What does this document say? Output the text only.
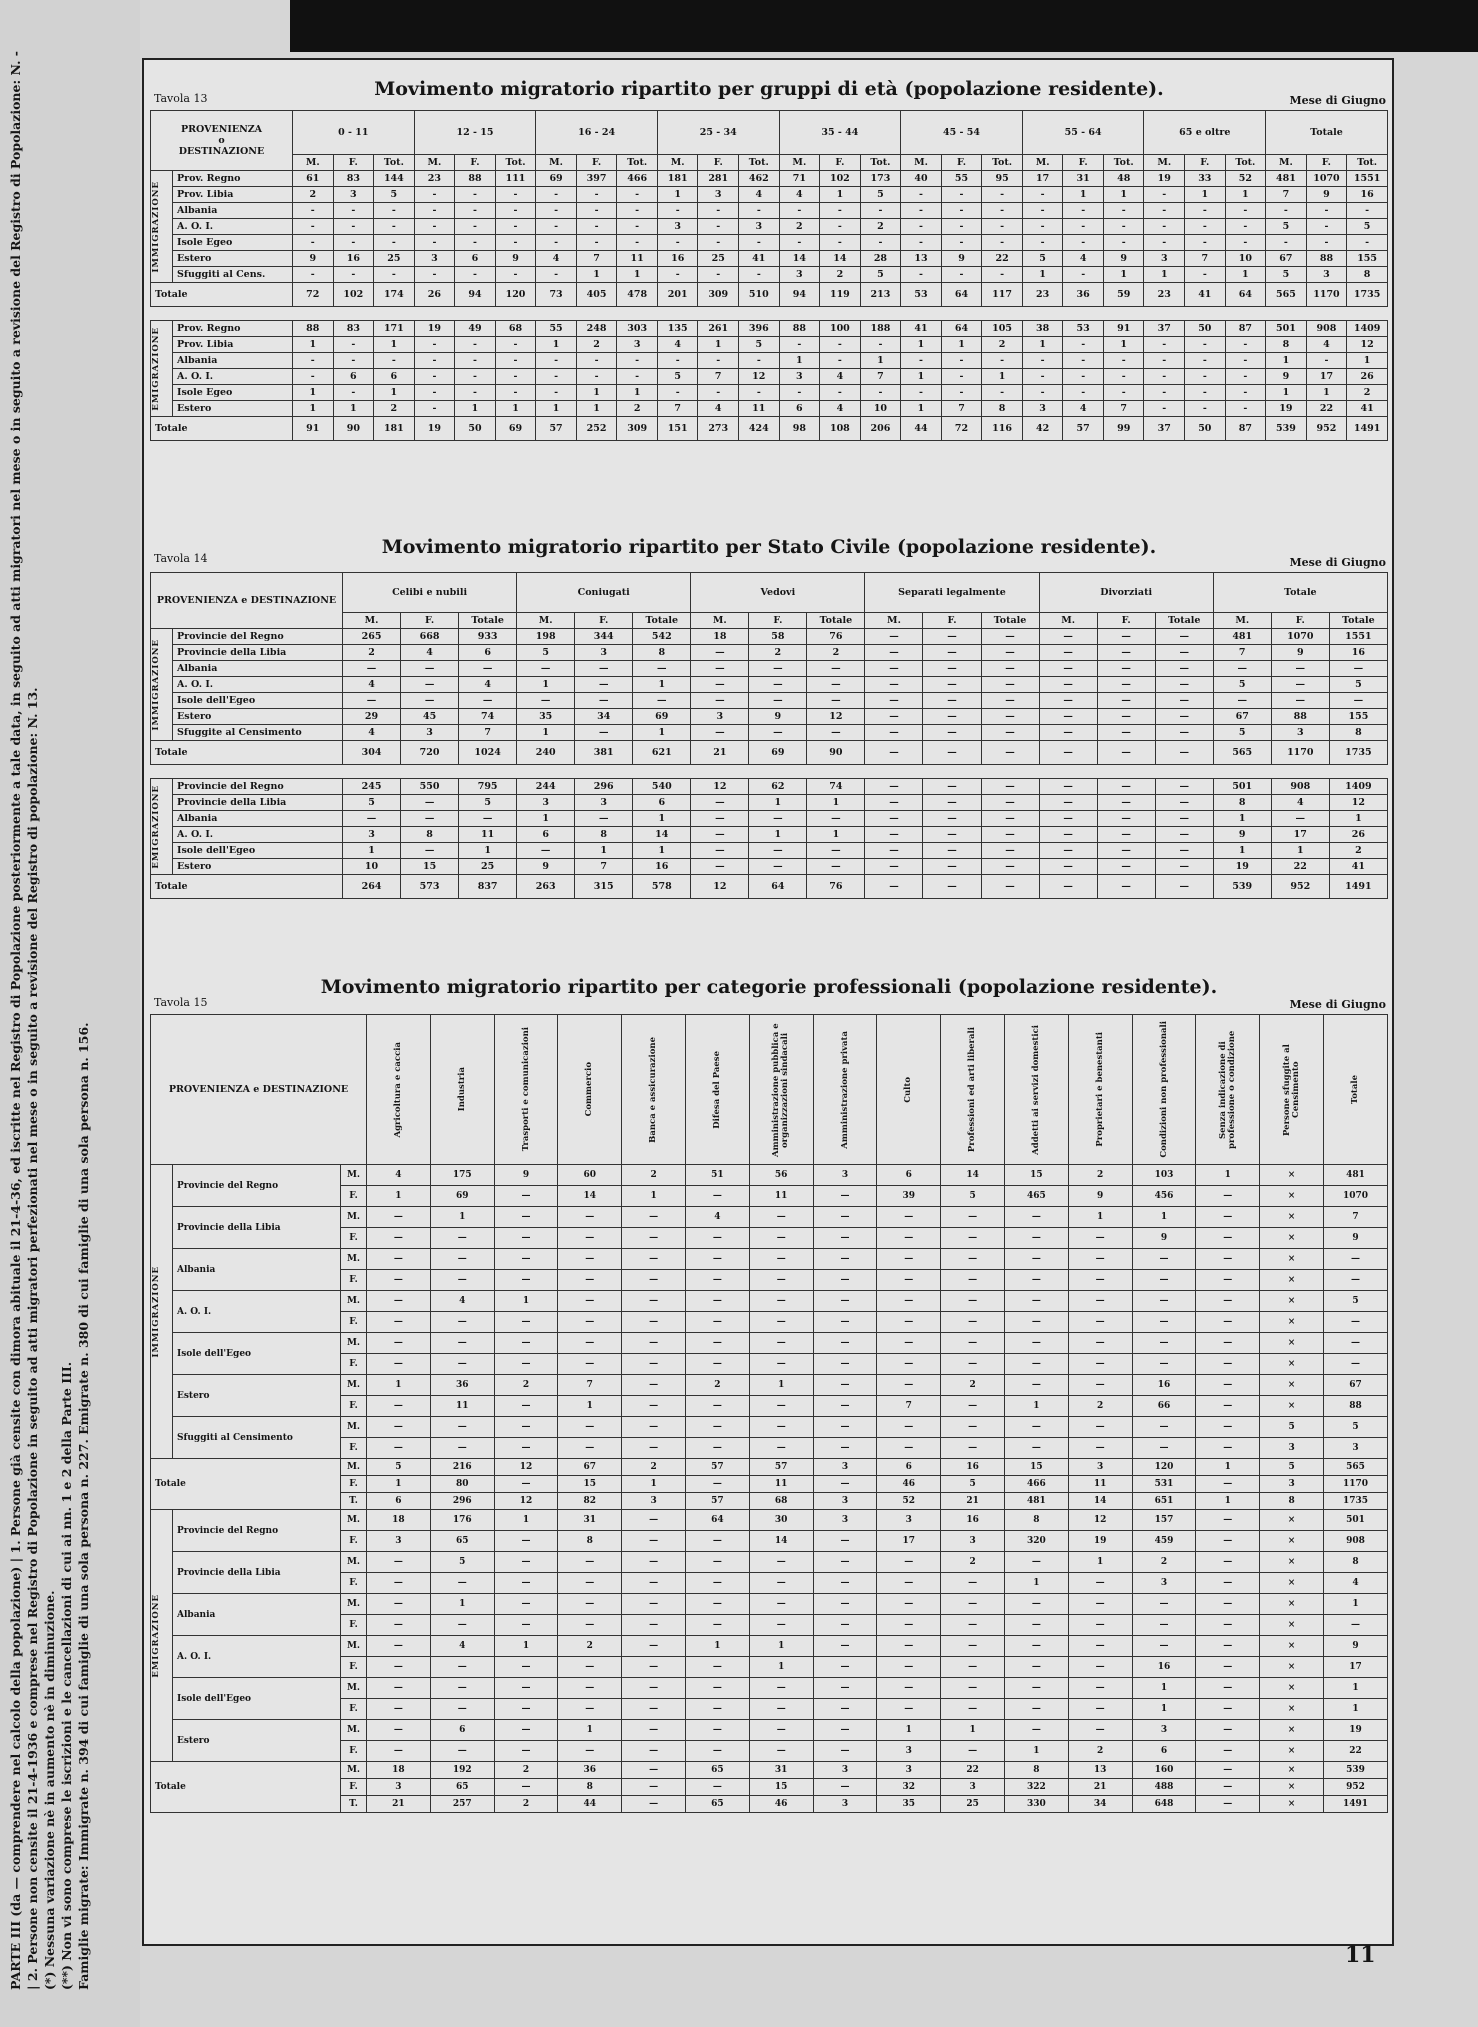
PARTE III (da — comprendere nel calcolo della popolazione) | 1. Persone già censite con dimora abituale il 21-4-36, ed iscritte nel Registro di Popolazione posteriormente a tale data, in seguito ad atti migratori nel mese o in seguito a revisione del Registro di Popolazione: N. - | 2. Persone non censite il 21-4-1936 e comprese nel Registro di Popolazione in seguito ad atti migratori perfezionati nel mese o in seguito a revisione del Registro di popolazione: N. 13. (*) Nessuna variazione nè in aumento nè in diminuzione. (**) Non vi sono comprese le iscrizioni e le cancellazioni di cui ai nn. 1 e 2 della Parte III. Famiglie migrate: Immigrate n. 394 di cui famiglie di una sola persona n. 227. Emigrate n. 380 di cui famiglie di una sola persona n. 156.
Tavola 13	Movimento migratorio ripartito per gruppi di età (popolazione residente).
Mese di Giugno
PROVENIENZA
o
DESTINAZIONE		0 - 11			12 - 15			16 - 24			25 - 34			35 - 44			45 - 54			55 - 64			65 e oltre			Totale		
		M.	F.	Tot.	M.	F.	Tot.	M.	F.	Tot.	M.	F.	Tot.	M.	F.	Tot.	M.	F.	Tot.	M.	F.	Tot.	M.	F.	Tot.	M.	F.	Tot.

IMMIGRAZIONE	Prov. Regno	61	83	144	23	88	111	69	397	466	181	281	462	71	102	173	40	55	95	17	31	48	19	33	52	481	1070	1551
	Prov. Libia	2	3	5	-	-	-	-	-	-	1	3	4	4	1	5	-	-	-	-	1	1	-	1	1	7	9	16
	Albania	-	-	-	-	-	-	-	-	-	-	-	-	-	-	-	-	-	-	-	-	-	-	-	-	-	-	-
	A. O. I.	-	-	-	-	-	-	-	-	-	3	-	3	2	-	2	-	-	-	-	-	-	-	-	-	5	-	5
	Isole Egeo	-	-	-	-	-	-	-	-	-	-	-	-	-	-	-	-	-	-	-	-	-	-	-	-	-	-	-
	Estero	9	16	25	3	6	9	4	7	11	16	25	41	14	14	28	13	9	22	5	4	9	3	7	10	67	88	155
	Sfuggiti al Cens.	-	-	-	-	-	-	-	1	1	-	-	-	3	2	5	-	-	-	1	-	1	1	-	1	5	3	8
Totale		72	102	174	26	94	120	73	405	478	201	309	510	94	119	213	53	64	117	23	36	59	23	41	64	565	1170	1735

EMIGRAZIONE	Prov. Regno	88	83	171	19	49	68	55	248	303	135	261	396	88	100	188	41	64	105	38	53	91	37	50	87	501	908	1409
	Prov. Libia	1	-	1	-	-	-	1	2	3	4	1	5	-	-	-	1	1	2	1	-	1	-	-	-	8	4	12
	Albania	-	-	-	-	-	-	-	-	-	-	-	-	1	-	1	-	-	-	-	-	-	-	-	-	1	-	1
	A. O. I.	-	6	6	-	-	-	-	-	-	5	7	12	3	4	7	1	-	1	-	-	-	-	-	-	9	17	26
	Isole Egeo	1	-	1	-	-	-	-	1	1	-	-	-	-	-	-	-	-	-	-	-	-	-	-	-	1	1	2
	Estero	1	1	2	-	1	1	1	1	2	7	4	11	6	4	10	1	7	8	3	4	7	-	-	-	19	22	41
Totale		91	90	181	19	50	69	57	252	309	151	273	424	98	108	206	44	72	116	42	57	99	37	50	87	539	952	1491

Tavola 14
Movimento migratorio ripartito per Stato Civile (popolazione residente).
Mese di Giugno
PROVENIENZA e DESTINAZIONE		Celibi e nubili			Coniugati			Vedovi			Separati legalmente			Divorziati			Totale		
		M.	F.	Totale	M.	F.	Totale	M.	F.	Totale	M.	F.	Totale	M.	F.	Totale	M.	F.	Totale

IMMIGRAZIONE	Provincie del Regno	265	668	933	198	344	542	18	58	76	—	—	—	—	—	—	481	1070	1551
	Provincie della Libia	2	4	6	5	3	8	—	2	2	—	—	—	—	—	—	7	9	16
	Albania	—	—	—	—	—	—	—	—	—	—	—	—	—	—	—	—	—	—
	A. O. I.	4	—	4	1	—	1	—	—	—	—	—	—	—	—	—	5	—	5
	Isole dell'Egeo	—	—	—	—	—	—	—	—	—	—	—	—	—	—	—	—	—	—
	Estero	29	45	74	35	34	69	3	9	12	—	—	—	—	—	—	67	88	155
	Sfuggite al Censimento	4	3	7	1	—	1	—	—	—	—	—	—	—	—	—	5	3	8
Totale		304	720	1024	240	381	621	21	69	90	—	—	—	—	—	—	565	1170	1735

EMIGRAZIONE	Provincie del Regno	245	550	795	244	296	540	12	62	74	—	—	—	—	—	—	501	908	1409
	Provincie della Libia	5	—	5	3	3	6	—	1	1	—	—	—	—	—	—	8	4	12
	Albania	—	—	—	1	—	1	—	—	—	—	—	—	—	—	—	1	—	1
	A. O. I.	3	8	11	6	8	14	—	1	1	—	—	—	—	—	—	9	17	26
	Isole dell'Egeo	1	—	1	—	1	1	—	—	—	—	—	—	—	—	—	1	1	2
	Estero	10	15	25	9	7	16	—	—	—	—	—	—	—	—	—	19	22	41
Totale		264	573	837	263	315	578	12	64	76	—	—	—	—	—	—	539	952	1491

Tavola 15
Movimento migratorio ripartito per categorie professionali (popolazione residente).
Mese di Giugno
PROVENIENZA e DESTINAZIONE			Agricoltura e caccia	Industria	Trasporti e comunicazioni	Commercio	Banca e assicurazione	Difesa del Paese	Amministrazione pubblica e organizzazioni sindacali	Amministrazione privata	Culto	Professioni ed arti liberali	Addetti ai servizi domestici	Proprietari e benestanti	Condizioni non professionali	Senza indicazione di professione o condizione	Persone sfuggite al Censimento	Totale

IMMIGRAZIONE	Provincie del Regno	M.	4	175	9	60	2	51	56	3	6	14	15	2	103	1	×	481
		F.	1	69	—	14	1	—	11	—	39	5	465	9	456	—	×	1070
	Provincie della Libia	M.	—	1	—	—	—	4	—	—	—	—	—	1	1	—	×	7
		F.	—	—	—	—	—	—	—	—	—	—	—	—	9	—	×	9
	Albania	M.	—	—	—	—	—	—	—	—	—	—	—	—	—	—	×	—
		F.	—	—	—	—	—	—	—	—	—	—	—	—	—	—	×	—
	A. O. I.	M.	—	4	1	—	—	—	—	—	—	—	—	—	—	—	×	5
		F.	—	—	—	—	—	—	—	—	—	—	—	—	—	—	×	—
	Isole dell'Egeo	M.	—	—	—	—	—	—	—	—	—	—	—	—	—	—	×	—
		F.	—	—	—	—	—	—	—	—	—	—	—	—	—	—	×	—
	Estero	M.	1	36	2	7	—	2	1	—	—	2	—	—	16	—	×	67
		F.	—	11	—	1	—	—	—	—	7	—	1	2	66	—	×	88
	Sfuggiti al Censimento	M.	—	—	—	—	—	—	—	—	—	—	—	—	—	—	5	5
		F.	—	—	—	—	—	—	—	—	—	—	—	—	—	—	3	3
Totale		M.	5	216	12	67	2	57	57	3	6	16	15	3	120	1	5	565
		F.	1	80	—	15	1	—	11	—	46	5	466	11	531	—	3	1170
		T.	6	296	12	82	3	57	68	3	52	21	481	14	651	1	8	1735

EMIGRAZIONE	Provincie del Regno	M.	18	176	1	31	—	64	30	3	3	16	8	12	157	—	×	501
		F.	3	65	—	8	—	—	14	—	17	3	320	19	459	—	×	908
	Provincie della Libia	M.	—	5	—	—	—	—	—	—	—	2	—	1	2	—	×	8
		F.	—	—	—	—	—	—	—	—	—	—	1	—	3	—	×	4
	Albania	M.	—	1	—	—	—	—	—	—	—	—	—	—	—	—	×	1
		F.	—	—	—	—	—	—	—	—	—	—	—	—	—	—	×	—
	A. O. I.	M.	—	4	1	2	—	1	1	—	—	—	—	—	—	—	×	9
		F.	—	—	—	—	—	—	1	—	—	—	—	—	16	—	×	17
	Isole dell'Egeo	M.	—	—	—	—	—	—	—	—	—	—	—	—	1	—	×	1
		F.	—	—	—	—	—	—	—	—	—	—	—	—	1	—	×	1
	Estero	M.	—	6	—	1	—	—	—	—	1	1	—	—	3	—	×	19
		F.	—	—	—	—	—	—	—	—	3	—	1	2	6	—	×	22
Totale		M.	18	192	2	36	—	65	31	3	3	22	8	13	160	—	×	539
		F.	3	65	—	8	—	—	15	—	32	3	322	21	488	—	×	952
		T.	21	257	2	44	—	65	46	3	35	25	330	34	648	—	×	1491
11
